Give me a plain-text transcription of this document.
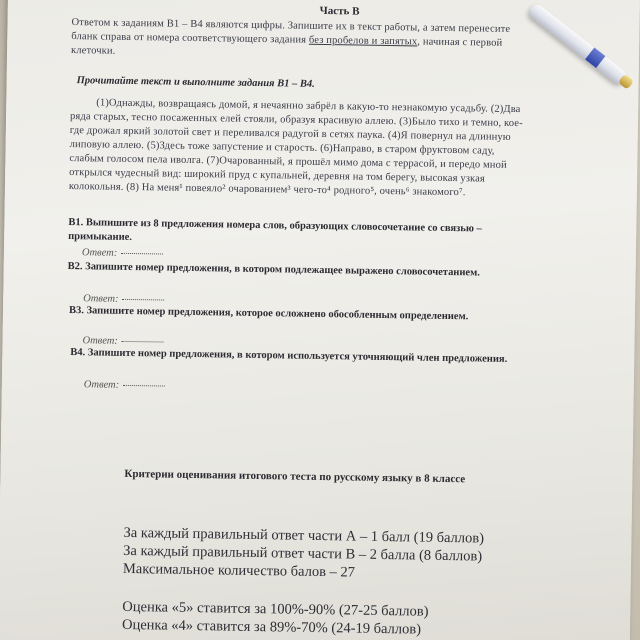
Часть В
Ответом к заданиям В1 – В4 являются цифры. Запишите их в текст работы, а затем перенесите
бланк справа от номера соответствующего задания без пробелов и запятых, начиная с первой
клеточки.
Прочитайте текст и выполните задания В1 – В4.
(1)Однажды, возвращаясь домой, я нечаянно забрёл в какую-то незнакомую усадьбу. (2)Два
ряда старых, тесно посаженных елей стояли, образуя красивую аллею. (3)Было тихо и темно, кое-
где дрожал яркий золотой свет и переливался радугой в сетях паука. (4)Я повернул на длинную
липовую аллею. (5)Здесь тоже запустение и старость. (6)Направо, в старом фруктовом саду,
слабым голосом пела иволга. (7)Очарованный, я прошёл мимо дома с террасой, и передо мной
открылся чудесный вид: широкий пруд с купальней, деревня на том берегу, высокая узкая
колокольня. (8) На меня¹ повеяло² очарованием³ чего-то⁴ родного⁵, очень⁶ знакомого⁷.
В1. Выпишите из 8 предложения номера слов, образующих словосочетание со связью –
примыкание.
Ответ:
В2. Запишите номер предложения, в котором подлежащее выражено словосочетанием.
Ответ:
В3. Запишите номер предложения, которое осложнено обособленным определением.
Ответ:
В4. Запишите номер предложения, в котором используется уточняющий член предложения.
Ответ:
Критерии оценивания итогового теста по русскому языку в 8 классе
За каждый правильный ответ части А – 1 балл (19 баллов)
За каждый правильный ответ части В – 2 балла (8 баллов)
Максимальное количество балов – 27
Оценка «5» ставится за 100%-90% (27-25 баллов)
Оценка «4» ставится за 89%-70% (24-19 баллов)
